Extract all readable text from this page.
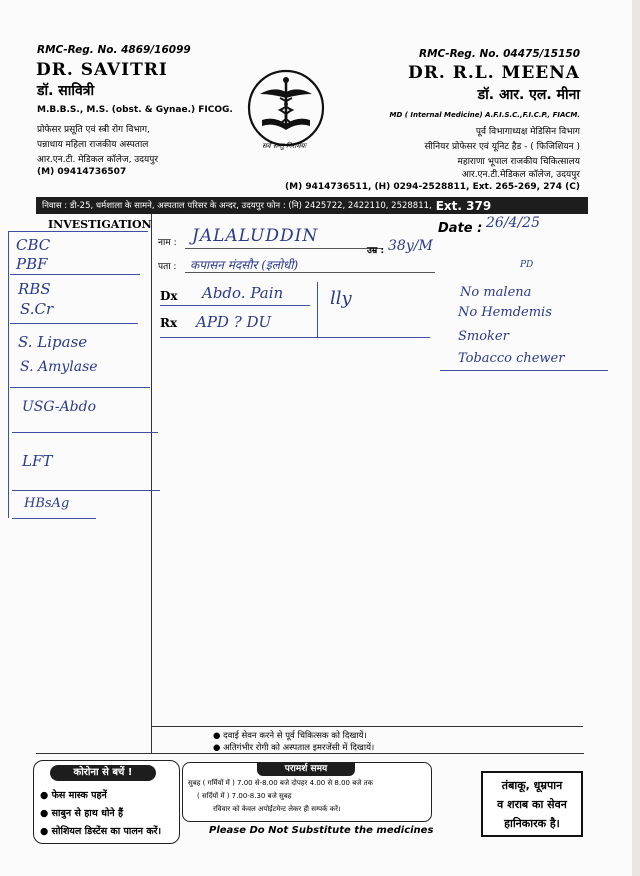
RMC-Reg. No. 4869/16099
DR. SAVITRI
डॉ. सावित्री
M.B.B.S., M.S. (obst. & Gynae.) FICOG.
प्रोफेसर प्रसूति एवं स्त्री रोग विभाग,
पन्नाधाय महिला राजकीय अस्पताल
आर.एन.टी. मेडिकल कॉलेज, उदयपुर
(M) 09414736507
सर्वे सन्तु निरामयः
RMC-Reg. No. 04475/15150
DR. R.L. MEENA
डॉ. आर. एल. मीना
MD ( Internal Medicine) A.F.I.S.C.,F.I.C.P., FIACM.
पूर्व विभागाध्यक्ष मेडिसिन विभाग
सीनियर प्रोफेसर एवं यूनिट हैड - ( फिजिशियन )
महाराणा भूपाल राजकीय चिकित्सालय
आर.एन.टी.मेडिकल कॉलेज, उदयपुर
(M) 9414736511, (H) 0294-2528811, Ext. 265-269, 274 (C)
निवास : डी-25, धर्मशाला के सामने, अस्पताल परिसर के अन्दर, उदयपुर फोन : (नि) 2425722, 2422110, 2528811, Ext. 379
INVESTIGATION
नाम :
उम्र :
Date :
पता :
Dx
Rx
CBC
PBF
RBS
S.Cr
S. Lipase
S. Amylase
USG-Abdo
LFT
HBsAg
JALALUDDIN
26/4/25
38y/M
कपासन मंदसौर (इलोधी)	PD
Abdo. Pain
APD ? DU
lly	No malena
No Hemdemis
Smoker
Tobacco chewer
● दवाई सेवन करने से पूर्व चिकित्सक को दिखायें।
● अतिगंभीर रोगी को अस्पताल इमरजेंसी में दिखायें।
कोरोना से बचें !
● फेस मास्क पहनें
● साबुन से हाथ धोने हैं
● सोशियल डिस्टेंस का पालन करें।
परामर्श समय
सुबह ( गर्मियों में ) 7.00 से-8.00 बजे दोपहर 4.00 से 8.00 बजे तक
( सर्दियों में ) 7.00-8.30 बजे सुबह
रविवार को केवल अपोईंटमेन्ट लेकर ही सम्पर्क करें।
तंबाकू, धूम्रपान
व शराब का सेवन
हानिकारक है।
Please Do Not Substitute the medicines
